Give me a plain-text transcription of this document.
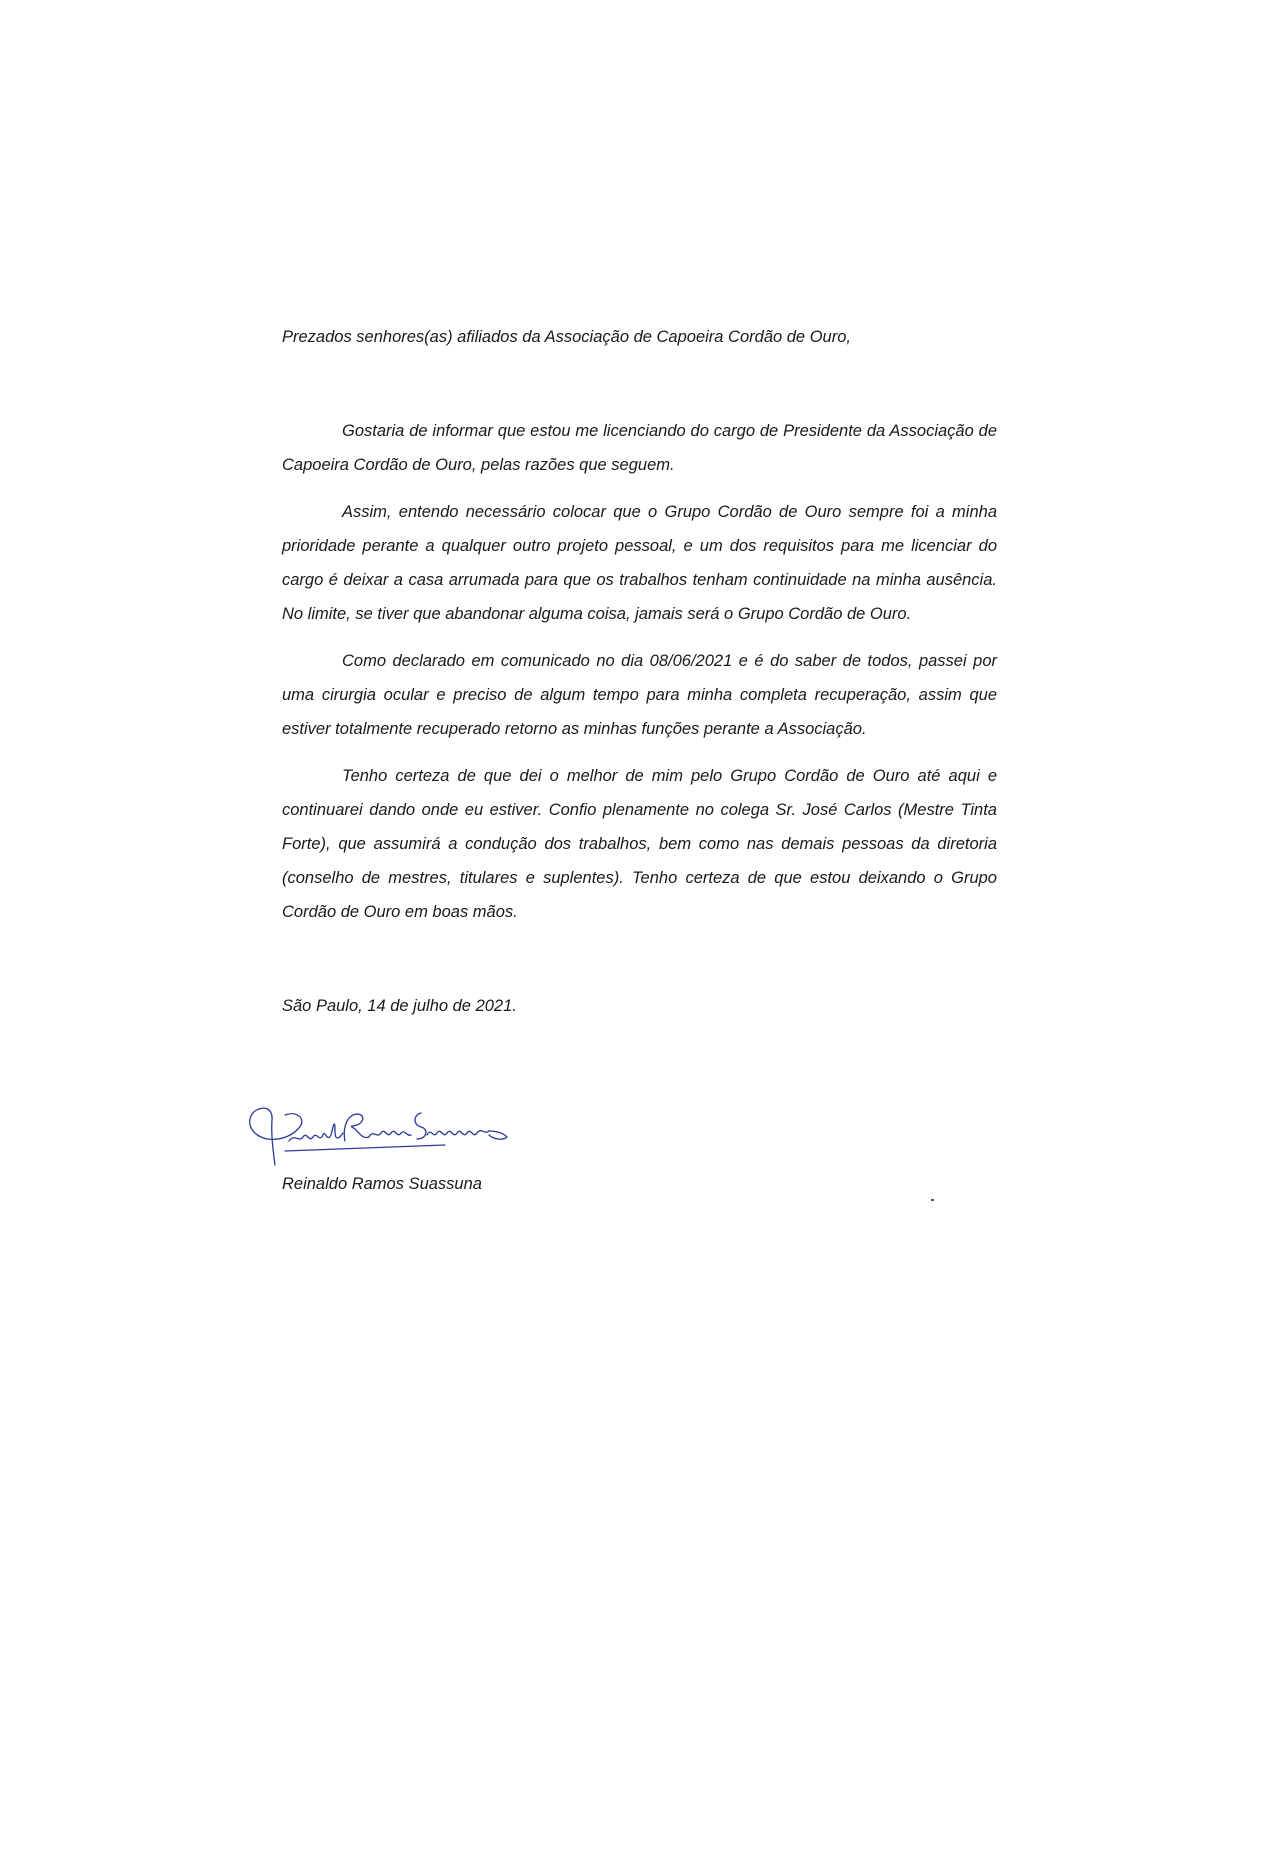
Prezados senhores(as) afiliados da Associação de Capoeira Cordão de Ouro,

Gostaria de informar que estou me licenciando do cargo de Presidente da Associação de Capoeira Cordão de Ouro, pelas razões que seguem.

Assim, entendo necessário colocar que o Grupo Cordão de Ouro sempre foi a minha prioridade perante a qualquer outro projeto pessoal, e um dos requisitos para me licenciar do cargo é deixar a casa arrumada para que os trabalhos tenham continuidade na minha ausência. No limite, se tiver que abandonar alguma coisa, jamais será o Grupo Cordão de Ouro.

Como declarado em comunicado no dia 08/06/2021 e é do saber de todos, passei por uma cirurgia ocular e preciso de algum tempo para minha completa recuperação, assim que estiver totalmente recuperado retorno as minhas funções perante a Associação.

Tenho certeza de que dei o melhor de mim pelo Grupo Cordão de Ouro até aqui e continuarei dando onde eu estiver. Confio plenamente no colega Sr. José Carlos (Mestre Tinta Forte), que assumirá a condução dos trabalhos, bem como nas demais pessoas da diretoria (conselho de mestres, titulares e suplentes). Tenho certeza de que estou deixando o Grupo Cordão de Ouro em boas mãos.

São Paulo, 14 de julho de 2021.

Reinaldo Ramos Suassuna
